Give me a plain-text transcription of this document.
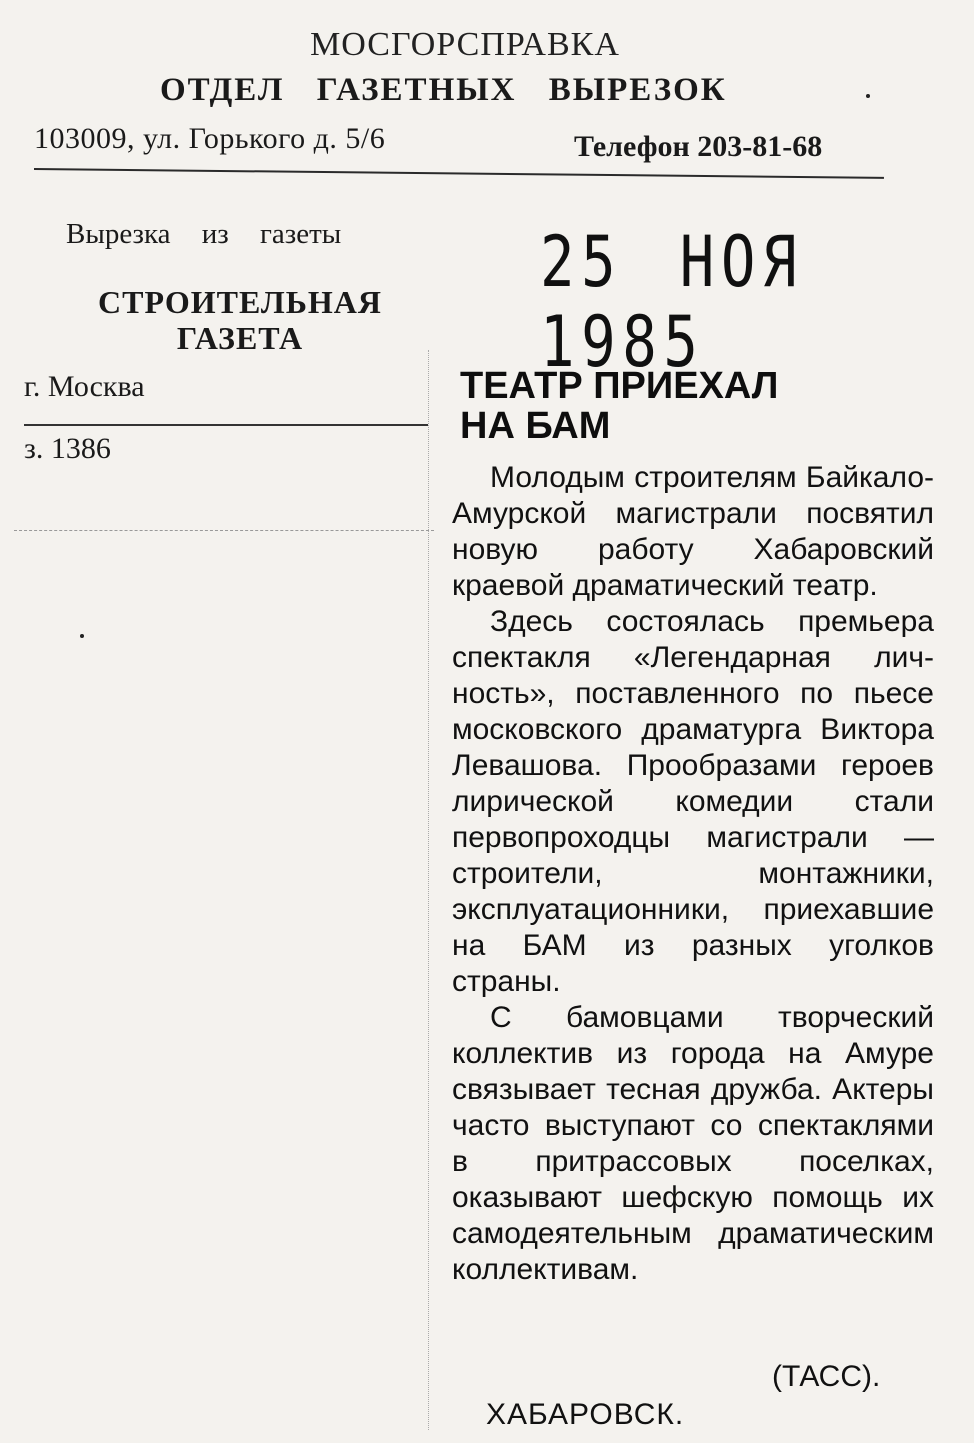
МОСГОРСПРАВКА
ОТДЕЛ ГАЗЕТНЫХ ВЫРЕЗОК
103009, ул. Горького д. 5/6	Телефон 203-81-68
Вырезка из газеты
СТРОИТЕЛЬНАЯ
ГАЗЕТА
25 НОЯ 1985
г. Москва
з. 1386
ТЕАТР ПРИЕХАЛ
НА БАМ

Молодым строителям Байкало-Амурской магистрали посвятил новую работу Хабаровский краевой драматический театр.

Здесь состоялась премьера спектакля «Легендарная личность», поставленного по пьесе московского драматурга Виктора Левашова. Прообразами героев лирической комедии стали первопроходцы магистрали — строители, монтажники, эксплуатационники, приехавшие на БАМ из разных уголков страны.

С бамовцами творческий коллектив из города на Амуре связывает тесная дружба. Актеры часто выступают со спектаклями в притрассовых поселках, оказывают шефскую помощь их самодеятельным драматическим коллективам.

(ТАСС).
ХАБАРОВСК.
